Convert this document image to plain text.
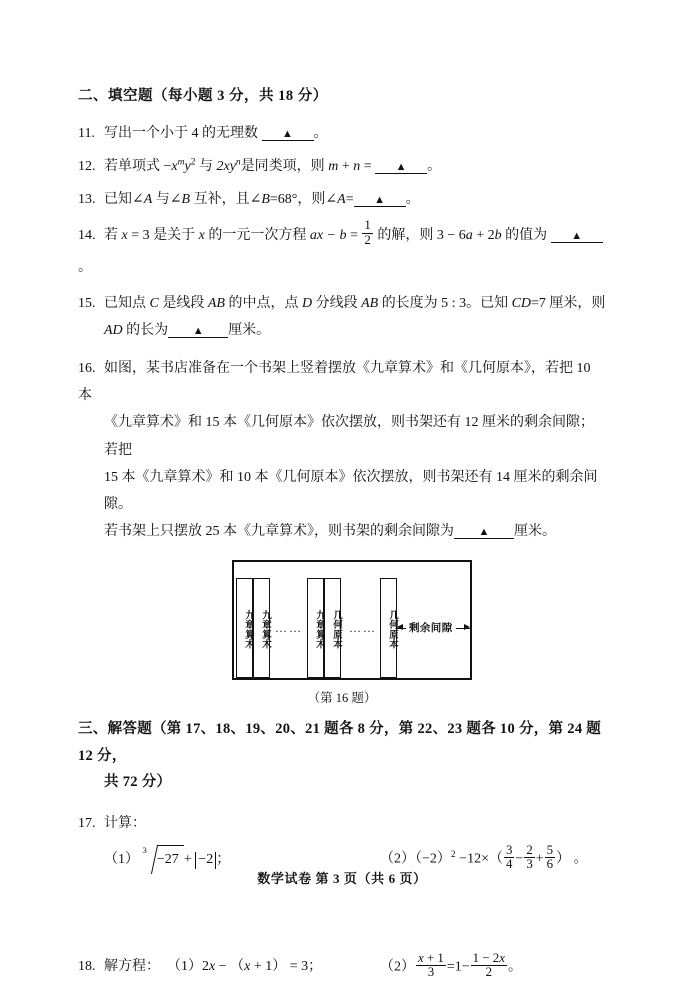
二、填空题（每小题 3 分，共 18 分）
11. 写出一个小于 4 的无理数 ▲ 。
12. 若单项式 $-x^my^2$ 与 $2xy^n$是同类项，则 m + n = ▲ 。
13. 已知∠A 与∠B 互补，且∠B=68°，则∠A= ▲ 。
14. 若 x = 3 是关于 x 的一元一次方程 ax − $b = \frac{1}{2}$ 的解，则 3 − 6a + 2b 的值为 ▲。
15. 已知点 C 是线段 AB 的中点，点 D 分线段 AB 的长度为 5 : 3。已知 CD=7 厘米，则
AD 的长为 ▲ 厘米。
16. 如图，某书店准备在一个书架上竖着摆放《九章算术》和《几何原本》，若把 10 本
《九章算术》和 15 本《几何原本》依次摆放，则书架还有 12 厘米的剩余间隙；若把
15 本《九章算术》和 10 本《几何原本》依次摆放，则书架还有 14 厘米的剩余间隙。
若书架上只摆放 25 本《九章算术》，则书架的剩余间隙为 ▲ 厘米。
九章算术 九章算术 ……	九章算术 几何原本 ……	几何原本 剩余间隙
（第 16 题）
三、解答题（第 17、18、19、20、21 题各 8 分，第 22、23 题各 10 分，第 24 题 12 分，
共 72 分）
17. 计算：
（1）
3
−27 + −2 ；	$(2)(-2)^2 -12\times( \frac{3}{4} - \frac{2}{3} + \frac{5}{6}$ ） 。
18. 解方程： （1）2x − （x + 1） = 3；	$(2) \frac{x + 1}{3} =1- \frac{1 - 2x}{2}$ 。
数学试卷 第 3 页（共 6 页）
